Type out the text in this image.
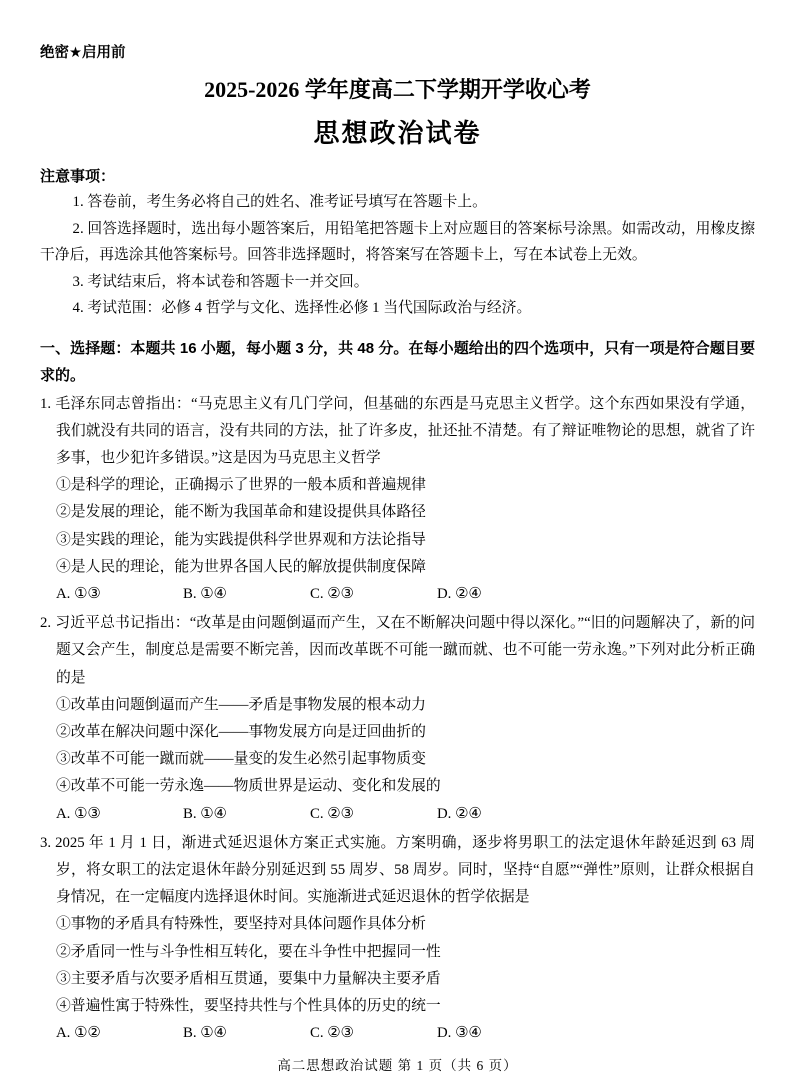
绝密★启用前
2025-2026 学年度高二下学期开学收心考
思想政治试卷
注意事项：

1. 答卷前，考生务必将自己的姓名、准考证号填写在答题卡上。

2. 回答选择题时，选出每小题答案后，用铅笔把答题卡上对应题目的答案标号涂黑。如需改动，用橡皮擦干净后，再选涂其他答案标号。回答非选择题时，将答案写在答题卡上，写在本试卷上无效。

3. 考试结束后，将本试卷和答题卡一并交回。

4. 考试范围：必修 4 哲学与文化、选择性必修 1 当代国际政治与经济。

一、选择题：本题共 16 小题，每小题 3 分，共 48 分。在每小题给出的四个选项中，只有一项是符合题目要求的。

1. 毛泽东同志曾指出：“马克思主义有几门学问，但基础的东西是马克思主义哲学。这个东西如果没有学通，我们就没有共同的语言，没有共同的方法，扯了许多皮，扯还扯不清楚。有了辩证唯物论的思想，就省了许多事，也少犯许多错误。”这是因为马克思主义哲学

①是科学的理论，正确揭示了世界的一般本质和普遍规律

②是发展的理论，能不断为我国革命和建设提供具体路径

③是实践的理论，能为实践提供科学世界观和方法论指导

④是人民的理论，能为世界各国人民的解放提供制度保障

A. ①③	B. ①④	C. ②③	D. ②④

2. 习近平总书记指出：“改革是由问题倒逼而产生，又在不断解决问题中得以深化。”“旧的问题解决了，新的问题又会产生，制度总是需要不断完善，因而改革既不可能一蹴而就、也不可能一劳永逸。”下列对此分析正确的是

①改革由问题倒逼而产生——矛盾是事物发展的根本动力

②改革在解决问题中深化——事物发展方向是迂回曲折的

③改革不可能一蹴而就——量变的发生必然引起事物质变

④改革不可能一劳永逸——物质世界是运动、变化和发展的

A. ①③	B. ①④	C. ②③	D. ②④

3. 2025 年 1 月 1 日，渐进式延迟退休方案正式实施。方案明确，逐步将男职工的法定退休年龄延迟到 63 周岁，将女职工的法定退休年龄分别延迟到 55 周岁、58 周岁。同时，坚持“自愿”“弹性”原则，让群众根据自身情况，在一定幅度内选择退休时间。实施渐进式延迟退休的哲学依据是

①事物的矛盾具有特殊性，要坚持对具体问题作具体分析

②矛盾同一性与斗争性相互转化，要在斗争性中把握同一性

③主要矛盾与次要矛盾相互贯通，要集中力量解决主要矛盾

④普遍性寓于特殊性，要坚持共性与个性具体的历史的统一

A. ①②	B. ①④	C. ②③	D. ③④
高二思想政治试题 第 1 页（共 6 页）
